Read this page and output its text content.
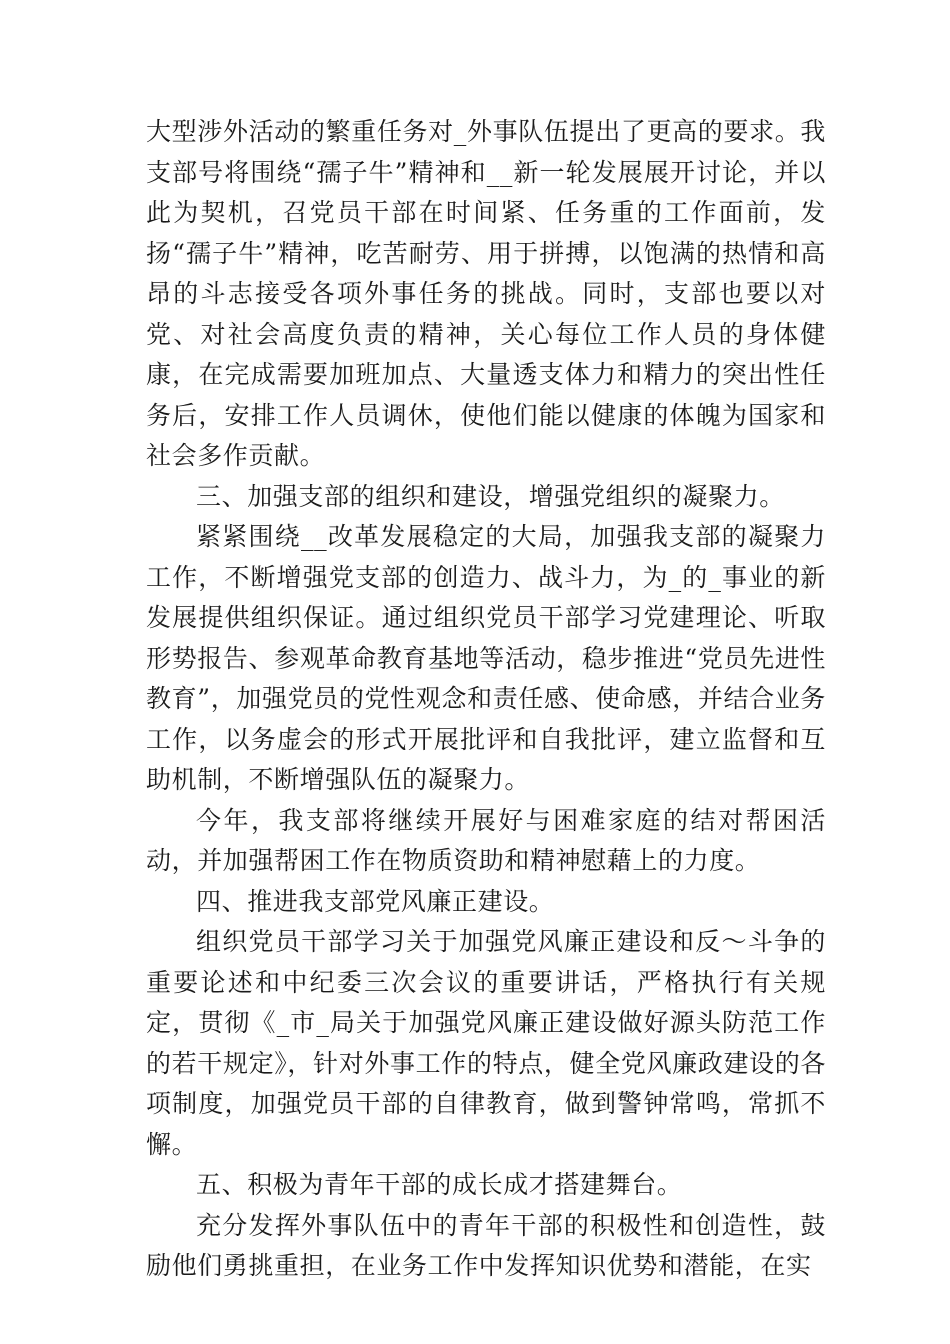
大型涉外活动的繁重任务对_外事队伍提出了更高的要求。我支部号将围绕“孺子牛”精神和__新一轮发展展开讨论，并以此为契机，召党员干部在时间紧、任务重的工作面前，发扬“孺子牛”精神，吃苦耐劳、用于拼搏，以饱满的热情和高昂的斗志接受各项外事任务的挑战。同时，支部也要以对党、对社会高度负责的精神，关心每位工作人员的身体健康，在完成需要加班加点、大量透支体力和精力的突出性任务后，安排工作人员调休，使他们能以健康的体魄为国家和社会多作贡献。

三、加强支部的组织和建设，增强党组织的凝聚力。

紧紧围绕__改革发展稳定的大局，加强我支部的凝聚力工作，不断增强党支部的创造力、战斗力，为_的_事业的新发展提供组织保证。通过组织党员干部学习党建理论、听取形势报告、参观革命教育基地等活动，稳步推进“党员先进性教育”，加强党员的党性观念和责任感、使命感，并结合业务工作，以务虚会的形式开展批评和自我批评，建立监督和互助机制，不断增强队伍的凝聚力。

今年，我支部将继续开展好与困难家庭的结对帮困活动，并加强帮困工作在物质资助和精神慰藉上的力度。

四、推进我支部党风廉正建设。

组织党员干部学习关于加强党风廉正建设和反～斗争的重要论述和中纪委三次会议的重要讲话，严格执行有关规定，贯彻《_市_局关于加强党风廉正建设做好源头防范工作的若干规定》，针对外事工作的特点，健全党风廉政建设的各项制度，加强党员干部的自律教育，做到警钟常鸣，常抓不懈。

五、积极为青年干部的成长成才搭建舞台。

充分发挥外事队伍中的青年干部的积极性和创造性，鼓励他们勇挑重担，在业务工作中发挥知识优势和潜能，在实
